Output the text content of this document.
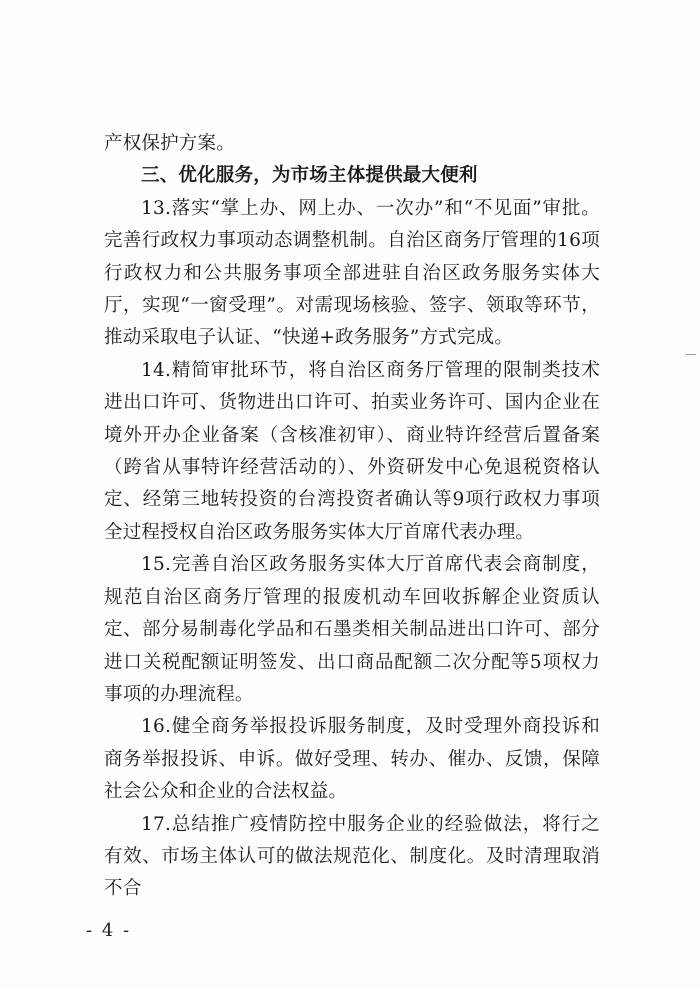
产权保护方案。

三、优化服务，为市场主体提供最大便利

13.落实“掌上办、网上办、一次办”和“不见面”审批。完善行政权力事项动态调整机制。自治区商务厅管理的16项行政权力和公共服务事项全部进驻自治区政务服务实体大厅，实现“一窗受理”。对需现场核验、签字、领取等环节，推动采取电子认证、“快递+政务服务”方式完成。

14.精简审批环节，将自治区商务厅管理的限制类技术进出口许可、货物进出口许可、拍卖业务许可、国内企业在境外开办企业备案（含核准初审）、商业特许经营后置备案（跨省从事特许经营活动的）、外资研发中心免退税资格认定、经第三地转投资的台湾投资者确认等9项行政权力事项全过程授权自治区政务服务实体大厅首席代表办理。

15.完善自治区政务服务实体大厅首席代表会商制度，规范自治区商务厅管理的报废机动车回收拆解企业资质认定、部分易制毒化学品和石墨类相关制品进出口许可、部分进口关税配额证明签发、出口商品配额二次分配等5项权力事项的办理流程。

16.健全商务举报投诉服务制度，及时受理外商投诉和商务举报投诉、申诉。做好受理、转办、催办、反馈，保障社会公众和企业的合法权益。

17.总结推广疫情防控中服务企业的经验做法，将行之有效、市场主体认可的做法规范化、制度化。及时清理取消不合

- 4 -
